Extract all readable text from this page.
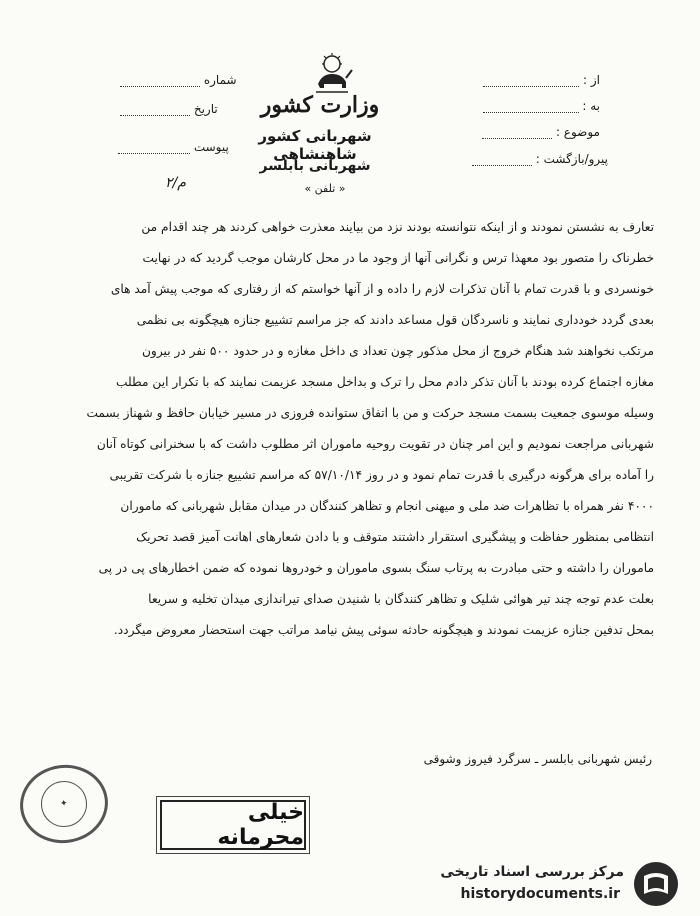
شماره
تاریخ
پیوست
وزارت کشور
شهربانی کشور شاهنشاهی
شهربانی بابلسر
« تلفن »
م/۲
از :
به :
موضوع :
پیرو/بازگشت :

تعارف به نشستن نمودند و از اینکه نتوانسته بودند نزد من بیایند معذرت خواهی کردند هر چند اقدام من

خطرناک را متصور بود معهذا ترس و نگرانی آنها از وجود ما در محل کارشان موجب گردید که در نهایت

خونسردی و با قدرت تمام با آنان تذکرات لازم را داده و از آنها خواستم که از رفتاری که موجب پیش آمد های

بعدی گردد خودداری نمایند و ناسردگان قول مساعد دادند که جز مراسم تشییع جنازه هیچگونه بی نظمی

مرتکب نخواهند شد هنگام خروج از محل مذکور چون تعداد ی داخل مغازه و در حدود ۵۰۰ نفر در بیرون

مغازه اجتماع کرده بودند با آنان تذکر دادم محل را ترک و بداخل مسجد عزیمت نمایند که با تکرار این مطلب

وسیله موسوی جمعیت بسمت مسجد حرکت و من با اتفاق ستوانده فروزی در مسیر خیابان حافظ و شهناز بسمت

شهربانی مراجعت نمودیم و این امر چنان در تقویت روحیه ماموران اثر مطلوب داشت که با سخنرانی کوتاه آنان

را آماده برای هرگونه درگیری با قدرت تمام نمود و در روز ۵۷/۱۰/۱۴ که مراسم تشییع جنازه با شرکت تقریبی

۴۰۰۰ نفر همراه با تظاهرات ضد ملی و میهنی انجام و تظاهر کنندگان در میدان مقابل شهربانی که ماموران

انتظامی بمنظور حفاظت و پیشگیری استقرار داشتند متوقف و با دادن شعارهای اهانت آمیز قصد تحریک

ماموران را داشته و حتی مبادرت به پرتاب سنگ بسوی ماموران و خودروها نموده که ضمن اخطارهای پی در پی

بعلت عدم توجه چند تیر هوائی شلیک و تظاهر کنندگان با شنیدن صدای تیراندازی میدان تخلیه و سریعا

بمحل تدفین جنازه عزیمت نمودند و هیچگونه حادثه سوئی پیش نیامد مراتب جهت استحضار معروض میگردد.

رئیس شهربانی بابلسر ـ سرگرد فیروز وشوقی
✦	خیلی محرمانه
مرکز بررسی اسناد تاریخی
historydocuments.ir
